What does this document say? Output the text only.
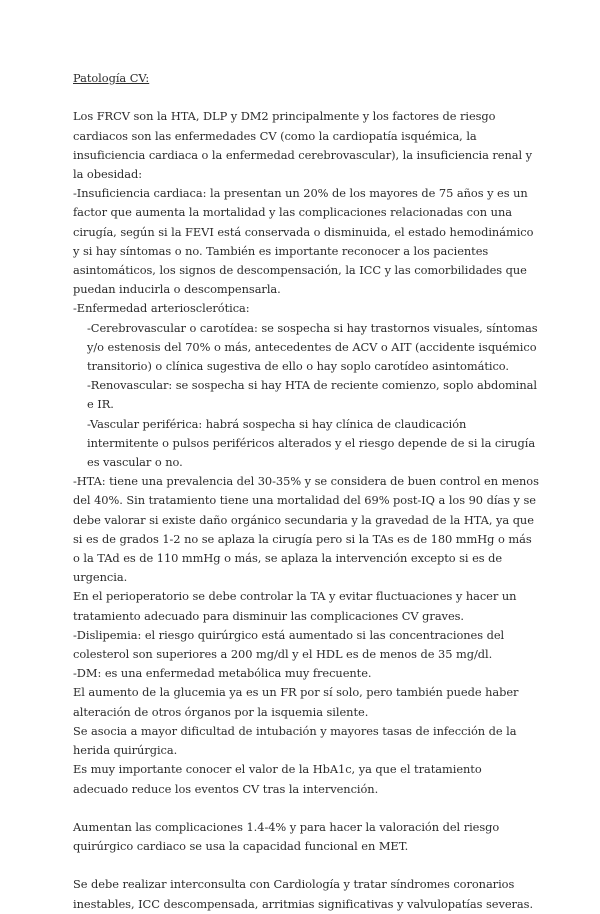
Patología CV:

Los FRCV son la HTA, DLP y DM2 principalmente y los factores de riesgo cardiacos son las enfermedades CV (como la cardiopatía isquémica, la insuficiencia cardiaca o la enfermedad cerebrovascular), la insuficiencia renal y la obesidad:

-Insuficiencia cardiaca: la presentan un 20% de los mayores de 75 años y es un factor que aumenta la mortalidad y las complicaciones relacionadas con una cirugía, según si la FEVI está conservada o disminuida, el estado hemodinámico y si hay síntomas o no. También es importante reconocer a los pacientes asintomáticos, los signos de descompensación, la ICC y las comorbilidades que puedan inducirla o descompensarla.

-Enfermedad arteriosclerótica:

-Cerebrovascular o carotídea: se sospecha si hay trastornos visuales, síntomas y/o estenosis del 70% o más, antecedentes de ACV o AIT (accidente isquémico transitorio) o clínica sugestiva de ello o hay soplo carotídeo asintomático.

-Renovascular: se sospecha si hay HTA de reciente comienzo, soplo abdominal e IR.

-Vascular periférica: habrá sospecha si hay clínica de claudicación intermitente o pulsos periféricos alterados y el riesgo depende de si la cirugía es vascular o no.

-HTA: tiene una prevalencia del 30-35% y se considera de buen control en menos del 40%. Sin tratamiento tiene una mortalidad del 69% post-IQ a los 90 días y se debe valorar si existe daño orgánico secundaria y la gravedad de la HTA, ya que si es de grados 1-2 no se aplaza la cirugía pero si la TAs es de 180 mmHg o más o la TAd es de 110 mmHg o más, se aplaza la intervención excepto si es de urgencia.

En el perioperatorio se debe controlar la TA y evitar fluctuaciones y hacer un tratamiento adecuado para disminuir las complicaciones CV graves.

-Dislipemia: el riesgo quirúrgico está aumentado si las concentraciones del colesterol son superiores a 200 mg/dl y el HDL es de menos de 35 mg/dl.

-DM: es una enfermedad metabólica muy frecuente.

El aumento de la glucemia ya es un FR por sí solo, pero también puede haber alteración de otros órganos por la isquemia silente.

Se asocia a mayor dificultad de intubación y mayores tasas de infección de la herida quirúrgica.

Es muy importante conocer el valor de la HbA1c, ya que el tratamiento adecuado reduce los eventos CV tras la intervención.

Aumentan las complicaciones 1.4-4% y para hacer la valoración del riesgo quirúrgico cardiaco se usa la capacidad funcional en MET.

Se debe realizar interconsulta con Cardiología y tratar síndromes coronarios inestables, ICC descompensada, arritmias significativas y valvulopatías severas.
